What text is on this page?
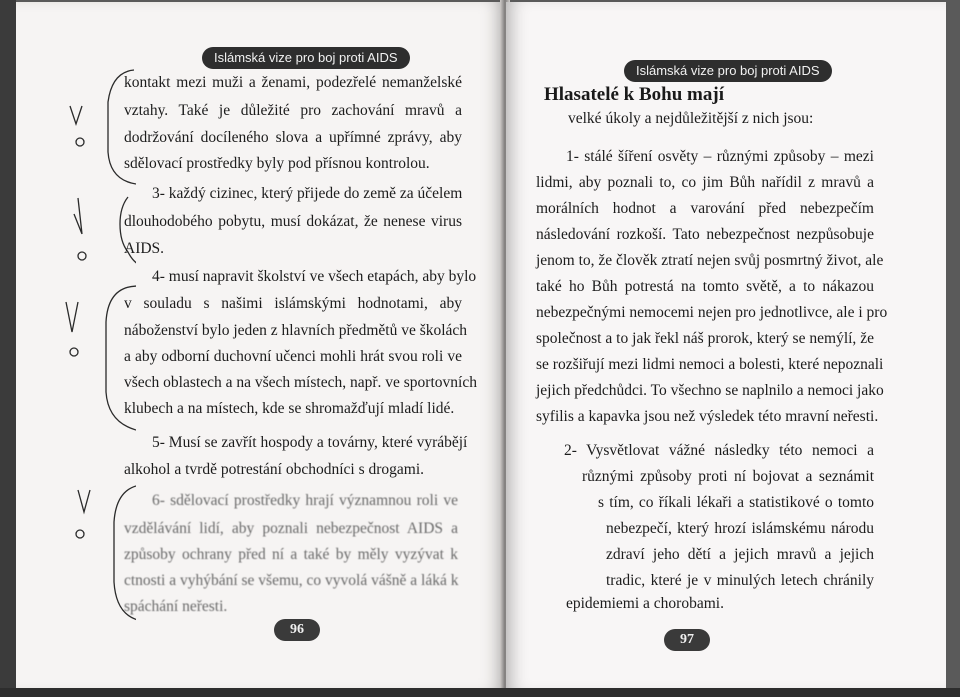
Islámská vize pro boj proti AIDS
kontakt mezi muži a ženami, podezřelé nemanželské
vztahy. Také je důležité pro zachování mravů a
dodržování docíleného slova a upřímné zprávy, aby
sdělovací prostředky byly pod přísnou kontrolou.
3- každý cizinec, který přijede do země za účelem
dlouhodobého pobytu, musí dokázat, že nenese virus
AIDS.
4- musí napravit školství ve všech etapách, aby bylo
v souladu s našimi islámskými hodnotami, aby
náboženství bylo jeden z hlavních předmětů ve školách
a aby odborní duchovní učenci mohli hrát svou roli ve
všech oblastech a na všech místech, např. ve sportovních
klubech a na místech, kde se shromažďují mladí lidé.
5- Musí se zavřít hospody a továrny, které vyrábějí
alkohol a tvrdě potrestání obchodníci s drogami.
6- sdělovací prostředky hrají významnou roli ve
vzdělávání lidí, aby poznali nebezpečnost AIDS a
způsoby ochrany před ní a také by měly vyzývat k
ctnosti a vyhýbání se všemu, co vyvolá vášně a láká k
spáchání neřesti.
96
Islámská vize pro boj proti AIDS
Hlasatelé k Bohu mají
velké úkoly a nejdůležitější z nich jsou:
1- stálé šíření osvěty – různými způsoby – mezi
lidmi, aby poznali to, co jim Bůh nařídil z mravů a
morálních hodnot a varování před nebezpečím
následování rozkoší. Tato nebezpečnost nezpůsobuje
jenom to, že člověk ztratí nejen svůj posmrtný život, ale
také ho Bůh potrestá na tomto světě, a to nákazou
nebezpečnými nemocemi nejen pro jednotlivce, ale i pro
společnost a to jak řekl náš prorok, který se nemýlí, že
se rozšiřují mezi lidmi nemoci a bolesti, které nepoznali
jejich předchůdci. To všechno se naplnilo a nemoci jako
syfilis a kapavka jsou než výsledek této mravní neřesti.
2- Vysvětlovat vážné následky této nemoci a
různými způsoby proti ní bojovat a seznámit
s tím, co říkali lékaři a statistikové o tomto
nebezpečí, který hrozí islámskému národu
zdraví jeho dětí a jejich mravů a jejich
tradic, které je v minulých letech chránily
epidemiemi a chorobami.
97
